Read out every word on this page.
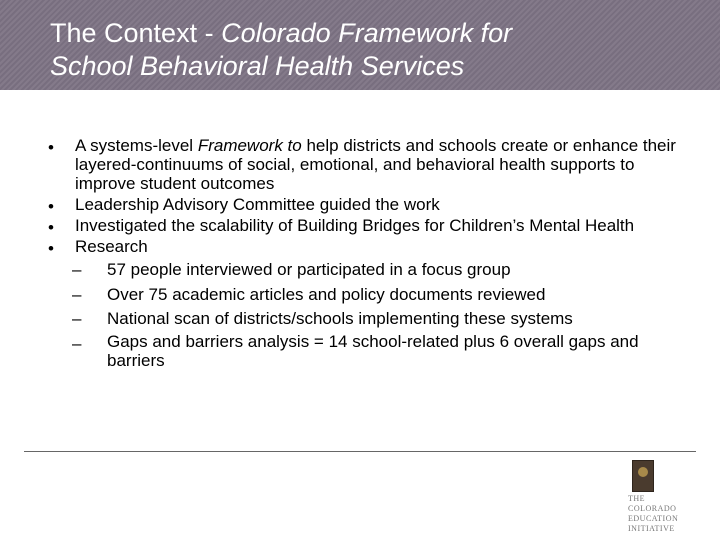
The Context - Colorado Framework for
School Behavioral Health Services
• A systems-level Framework to help districts and schools create or enhance their layered-continuums of social, emotional, and behavioral health supports to improve student outcomes
• Leadership Advisory Committee guided the work
• Investigated the scalability of Building Bridges for Children’s Mental Health
• Research
– 57 people interviewed or participated in a focus group
– Over 75 academic articles and policy documents reviewed
– National scan of districts/schools implementing these systems
– Gaps and barriers analysis = 14 school-related plus 6 overall gaps and barriers
THE
COLORADO
EDUCATION
INITIATIVE
